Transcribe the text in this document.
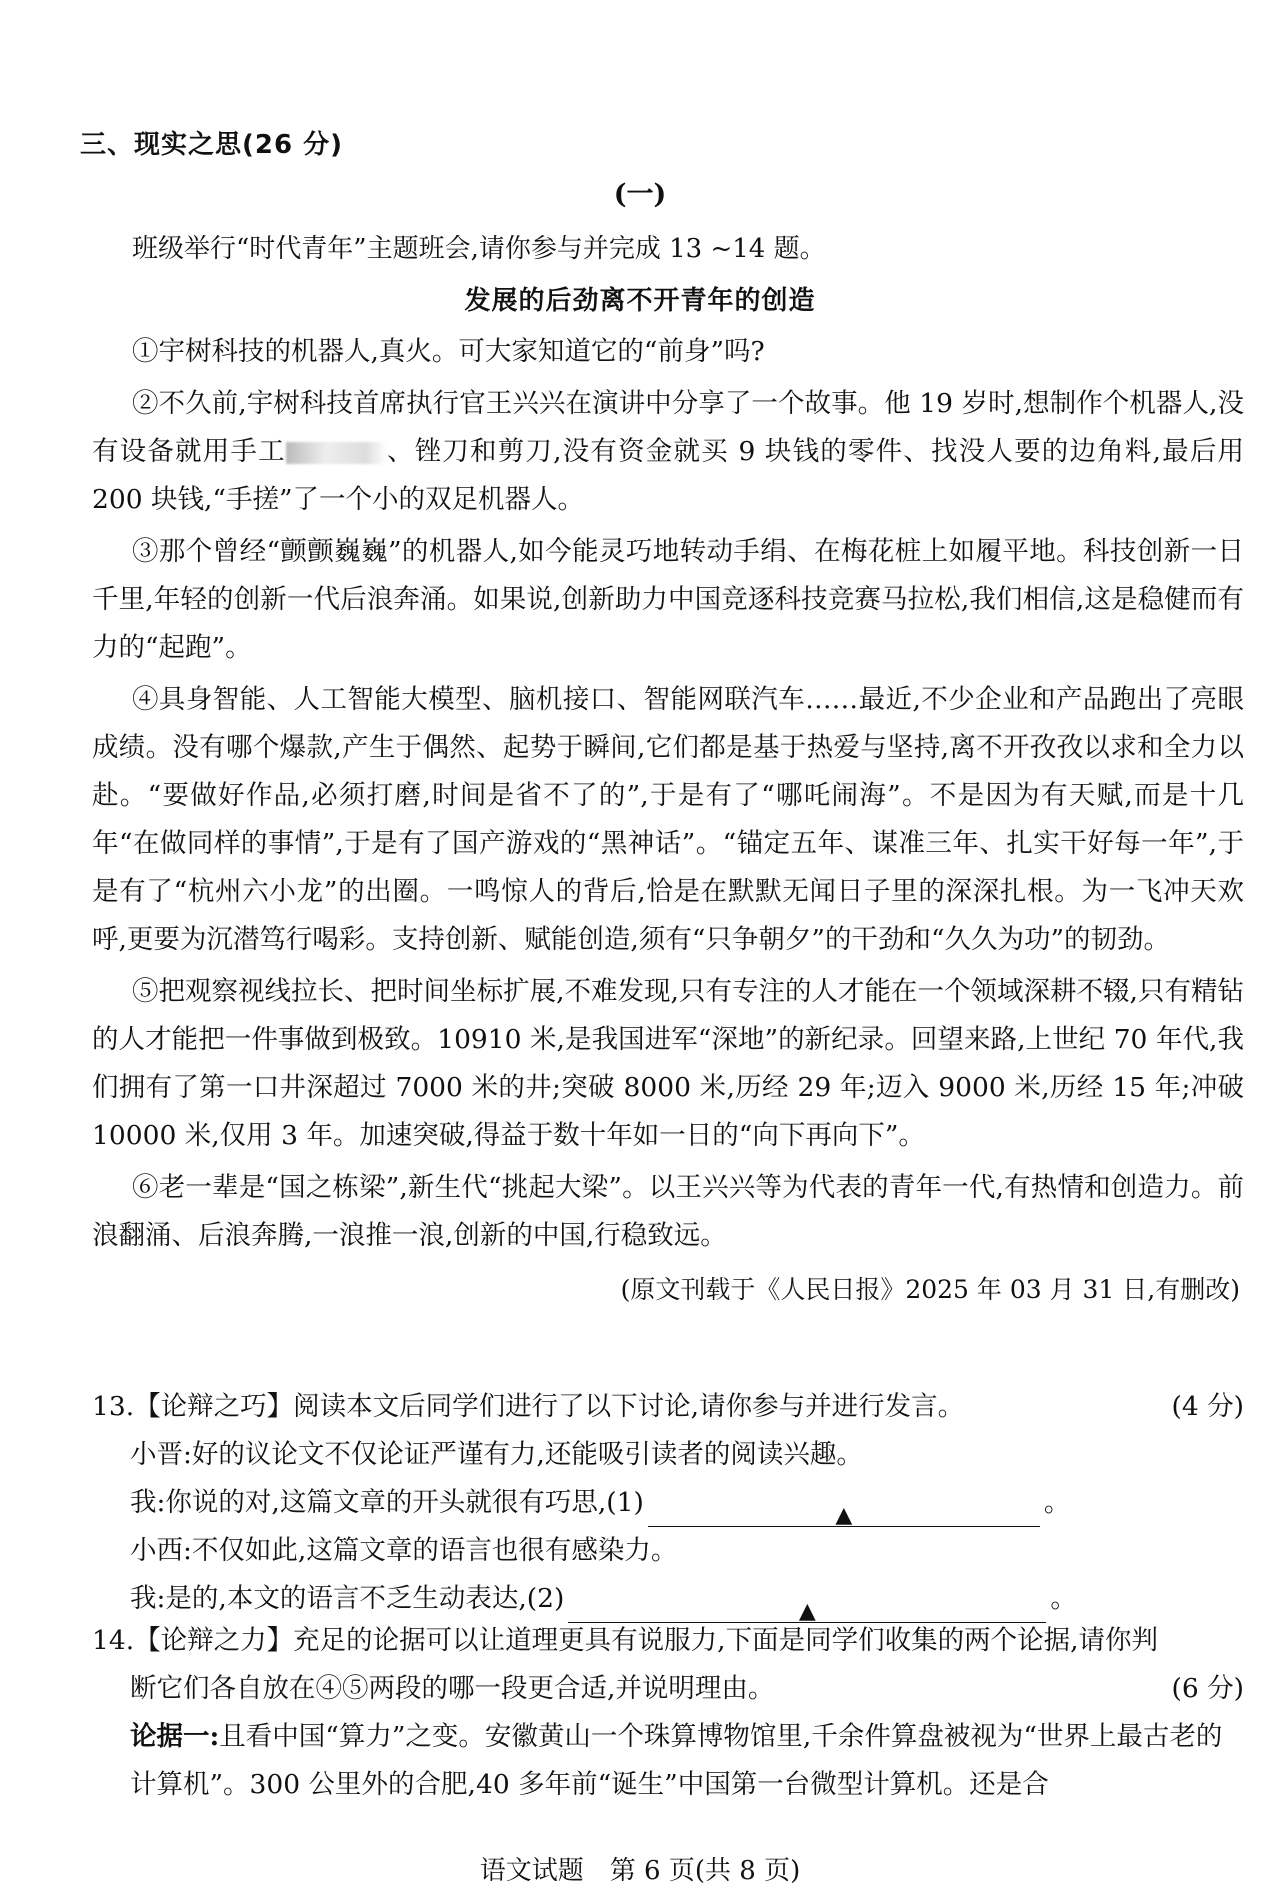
三、现实之思(26 分)
(一)
班级举行“时代青年”主题班会,请你参与并完成 13 ~14 题。
发展的后劲离不开青年的创造

①宇树科技的机器人,真火。可大家知道它的“前身”吗?

②不久前,宇树科技首席执行官王兴兴在演讲中分享了一个故事。他 19 岁时,想制作个机器人,没有设备就用手工	、锉刀和剪刀,没有资金就买 9 块钱的零件、找没人要的边角料,最后用 200 块钱,“手搓”了一个小的双足机器人。

③那个曾经“颤颤巍巍”的机器人,如今能灵巧地转动手绢、在梅花桩上如履平地。科技创新一日千里,年轻的创新一代后浪奔涌。如果说,创新助力中国竞逐科技竞赛马拉松,我们相信,这是稳健而有力的“起跑”。

④具身智能、人工智能大模型、脑机接口、智能网联汽车……最近,不少企业和产品跑出了亮眼成绩。没有哪个爆款,产生于偶然、起势于瞬间,它们都是基于热爱与坚持,离不开孜孜以求和全力以赴。“要做好作品,必须打磨,时间是省不了的”,于是有了“哪吒闹海”。不是因为有天赋,而是十几年“在做同样的事情”,于是有了国产游戏的“黑神话”。“锚定五年、谋准三年、扎实干好每一年”,于是有了“杭州六小龙”的出圈。一鸣惊人的背后,恰是在默默无闻日子里的深深扎根。为一飞冲天欢呼,更要为沉潜笃行喝彩。支持创新、赋能创造,须有“只争朝夕”的干劲和“久久为功”的韧劲。

⑤把观察视线拉长、把时间坐标扩展,不难发现,只有专注的人才能在一个领域深耕不辍,只有精钻的人才能把一件事做到极致。10910 米,是我国进军“深地”的新纪录。回望来路,上世纪 70 年代,我们拥有了第一口井深超过 7000 米的井;突破 8000 米,历经 29 年;迈入 9000 米,历经 15 年;冲破 10000 米,仅用 3 年。加速突破,得益于数十年如一日的“向下再向下”。

⑥老一辈是“国之栋梁”,新生代“挑起大梁”。以王兴兴等为代表的青年一代,有热情和创造力。前浪翻涌、后浪奔腾,一浪推一浪,创新的中国,行稳致远。

(原文刊载于《人民日报》2025 年 03 月 31 日,有删改)
13.【论辩之巧】阅读本文后同学们进行了以下讨论,请你参与并进行发言。	(4 分)
小晋:好的议论文不仅论证严谨有力,还能吸引读者的阅读兴趣。
我:你说的对,这篇文章的开头就很有巧思,(1)	▲	。
小西:不仅如此,这篇文章的语言也很有感染力。
我:是的,本文的语言不乏生动表达,(2)	▲	。
14.【论辩之力】充足的论据可以让道理更具有说服力,下面是同学们收集的两个论据,请你判
断它们各自放在④⑤两段的哪一段更合适,并说明理由。	(6 分)
论据一:且看中国“算力”之变。安徽黄山一个珠算博物馆里,千余件算盘被视为“世界上最古老的计算机”。300 公里外的合肥,40 多年前“诞生”中国第一台微型计算机。还是合
语文试题　第 6 页(共 8 页)
